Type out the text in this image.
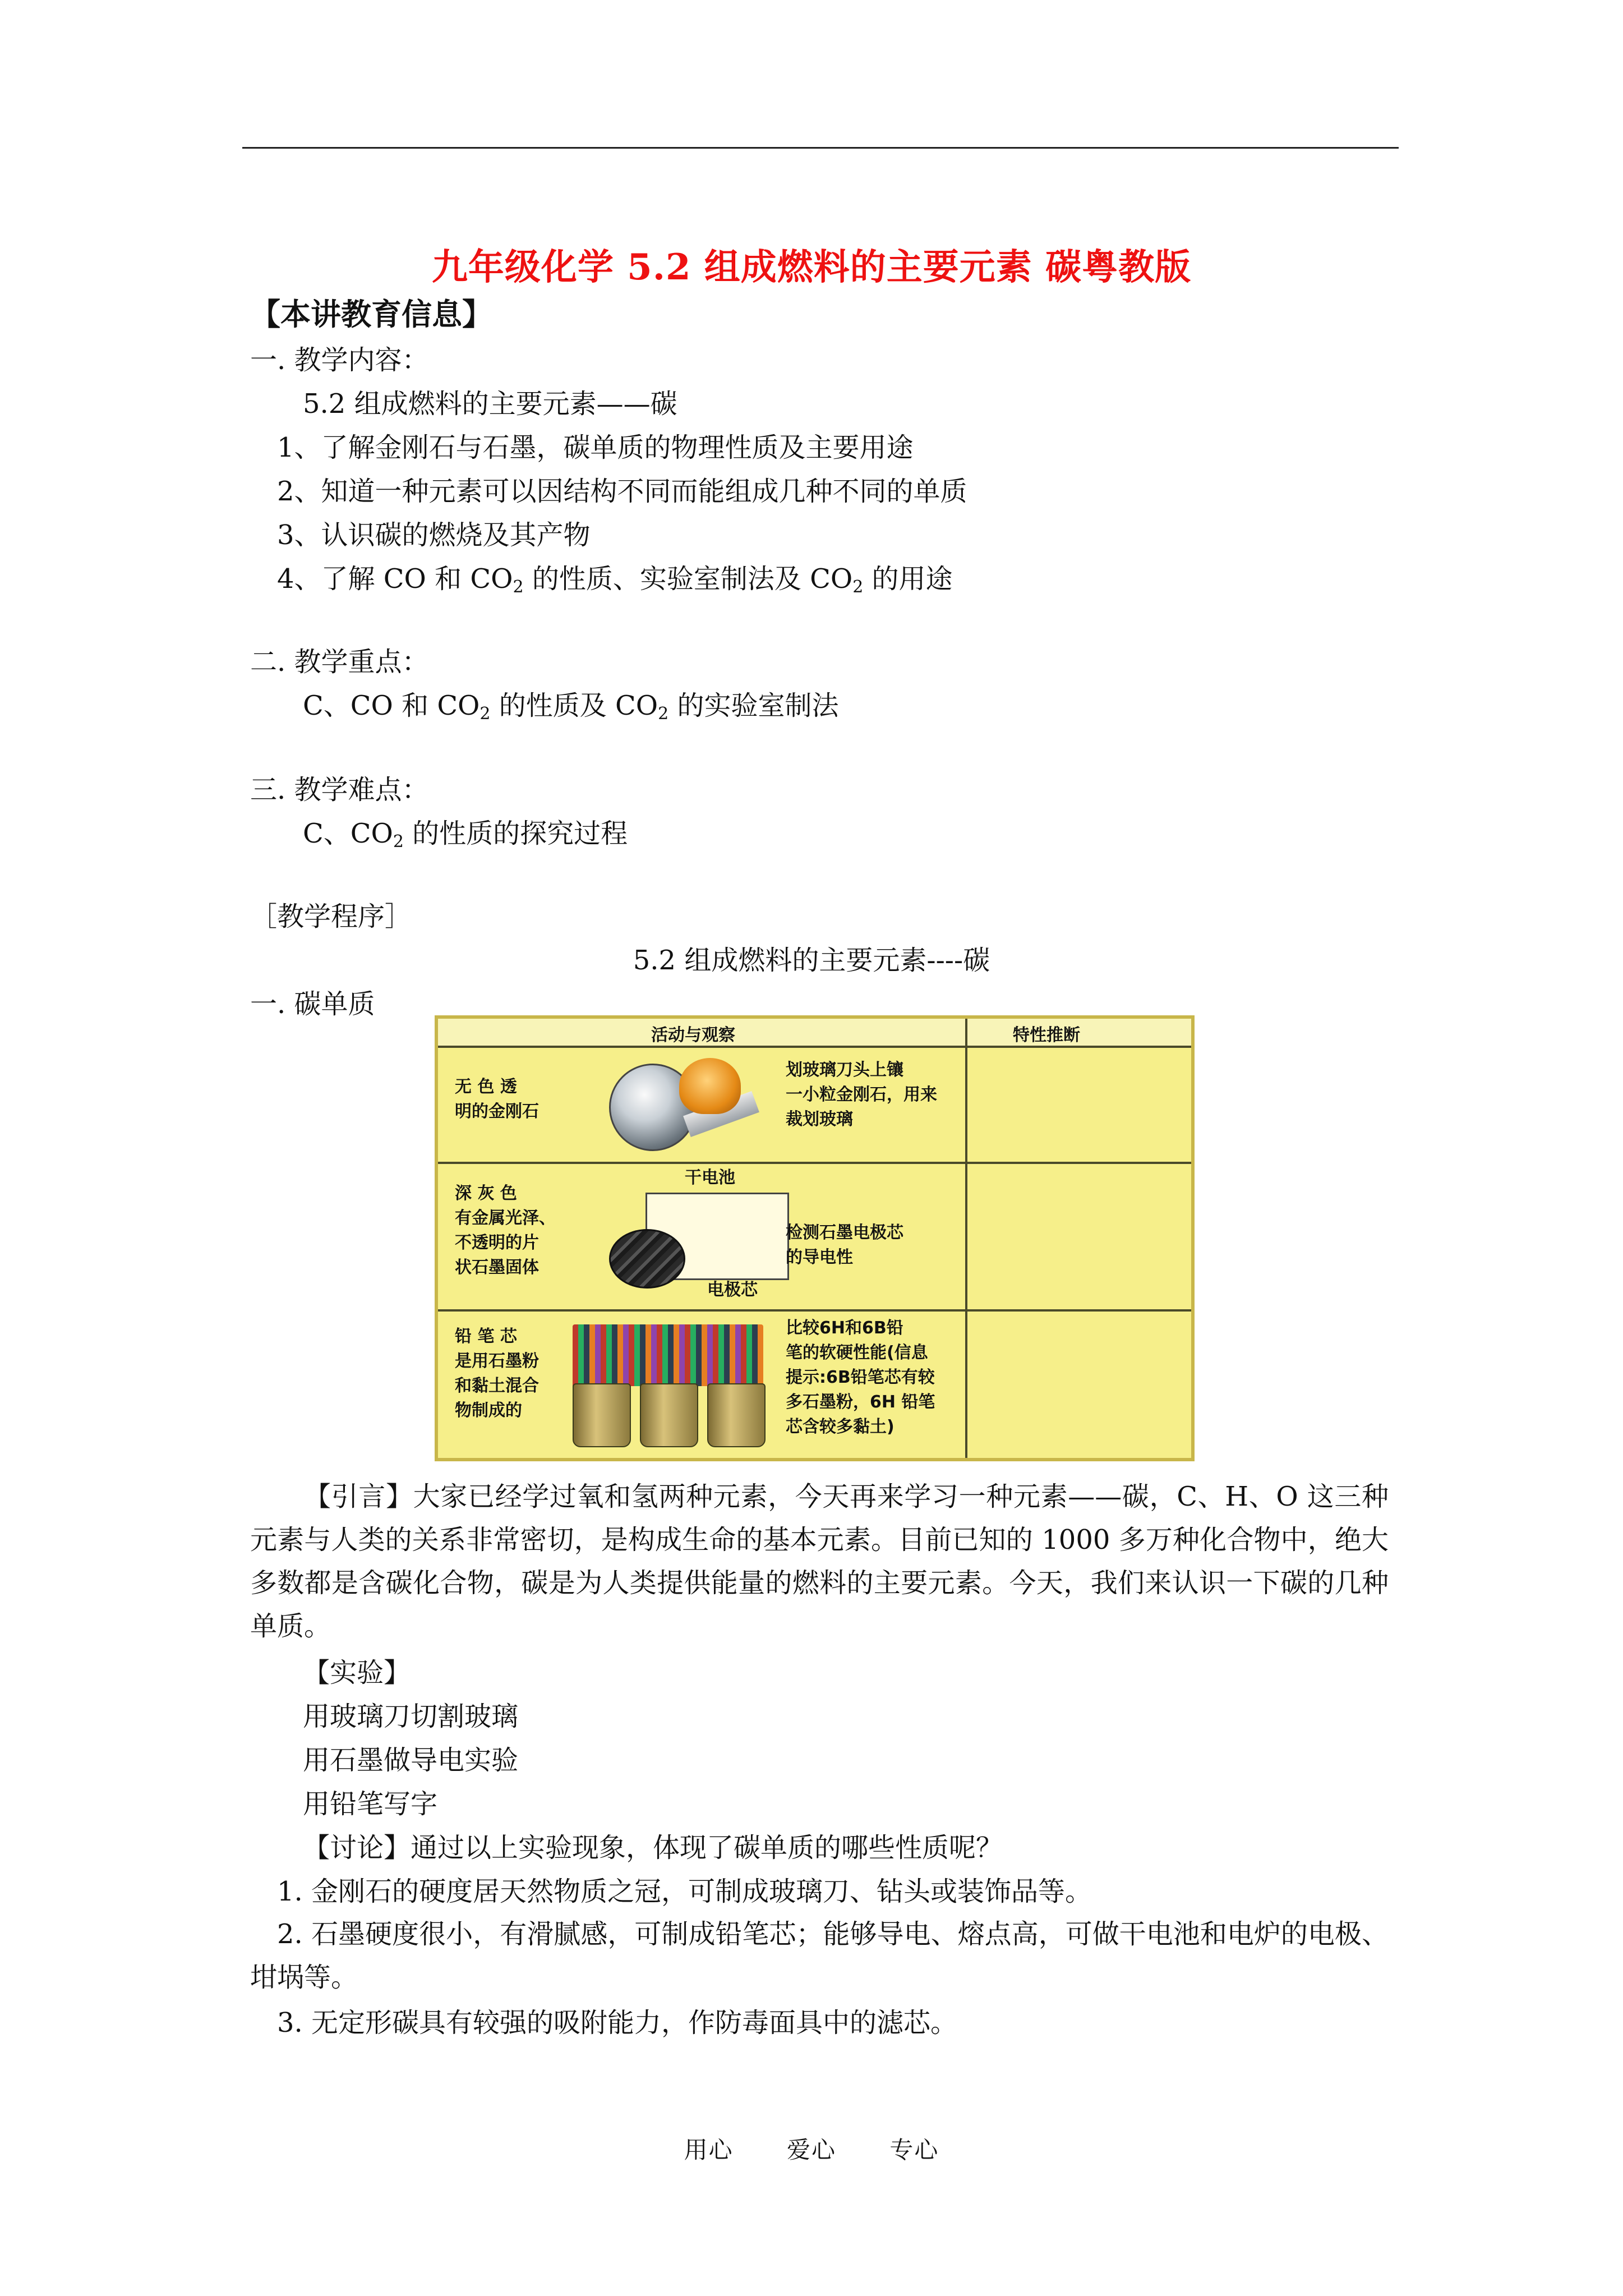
九年级化学 5.2 组成燃料的主要元素 碳粤教版
【本讲教育信息】
一. 教学内容：
5.2 组成燃料的主要元素——碳
1、了解金刚石与石墨，碳单质的物理性质及主要用途
2、知道一种元素可以因结构不同而能组成几种不同的单质
3、认识碳的燃烧及其产物
4、了解 CO 和 $CO_2$ 的性质、实验室制法及 $CO_2$ 的用途
二. 教学重点：
C、CO 和 $CO_2$ 的性质及 $CO_2$ 的实验室制法
三. 教学难点：
C、$CO_2$ 的性质的探究过程
［教学程序］
5.2 组成燃料的主要元素----碳
一. 碳单质
活动与观察	特性推断
无 色 透
明的金刚石
划玻璃刀头上镶
一小粒金刚石，用来
裁划玻璃
深 灰 色
有金属光泽、
不透明的片
状石墨固体
干电池
电极芯
检测石墨电极芯
的导电性
铅 笔 芯
是用石墨粉
和黏土混合
物制成的
比较6H和6B铅
笔的软硬性能(信息
提示:6B铅笔芯有较
多石墨粉，6H 铅笔
芯含较多黏土)
【引言】大家已经学过氧和氢两种元素，今天再来学习一种元素——碳，C、H、O 这三种元素与人类的关系非常密切，是构成生命的基本元素。目前已知的 1000 多万种化合物中，绝大多数都是含碳化合物，碳是为人类提供能量的燃料的主要元素。今天，我们来认识一下碳的几种单质。
【实验】
用玻璃刀切割玻璃
用石墨做导电实验
用铅笔写字
【讨论】通过以上实验现象，体现了碳单质的哪些性质呢？
1. 金刚石的硬度居天然物质之冠，可制成玻璃刀、钻头或装饰品等。
2. 石墨硬度很小，有滑腻感，可制成铅笔芯；能够导电、熔点高，可做干电池和电炉的电极、坩埚等。
3. 无定形碳具有较强的吸附能力，作防毒面具中的滤芯。
用心 爱心 专心
